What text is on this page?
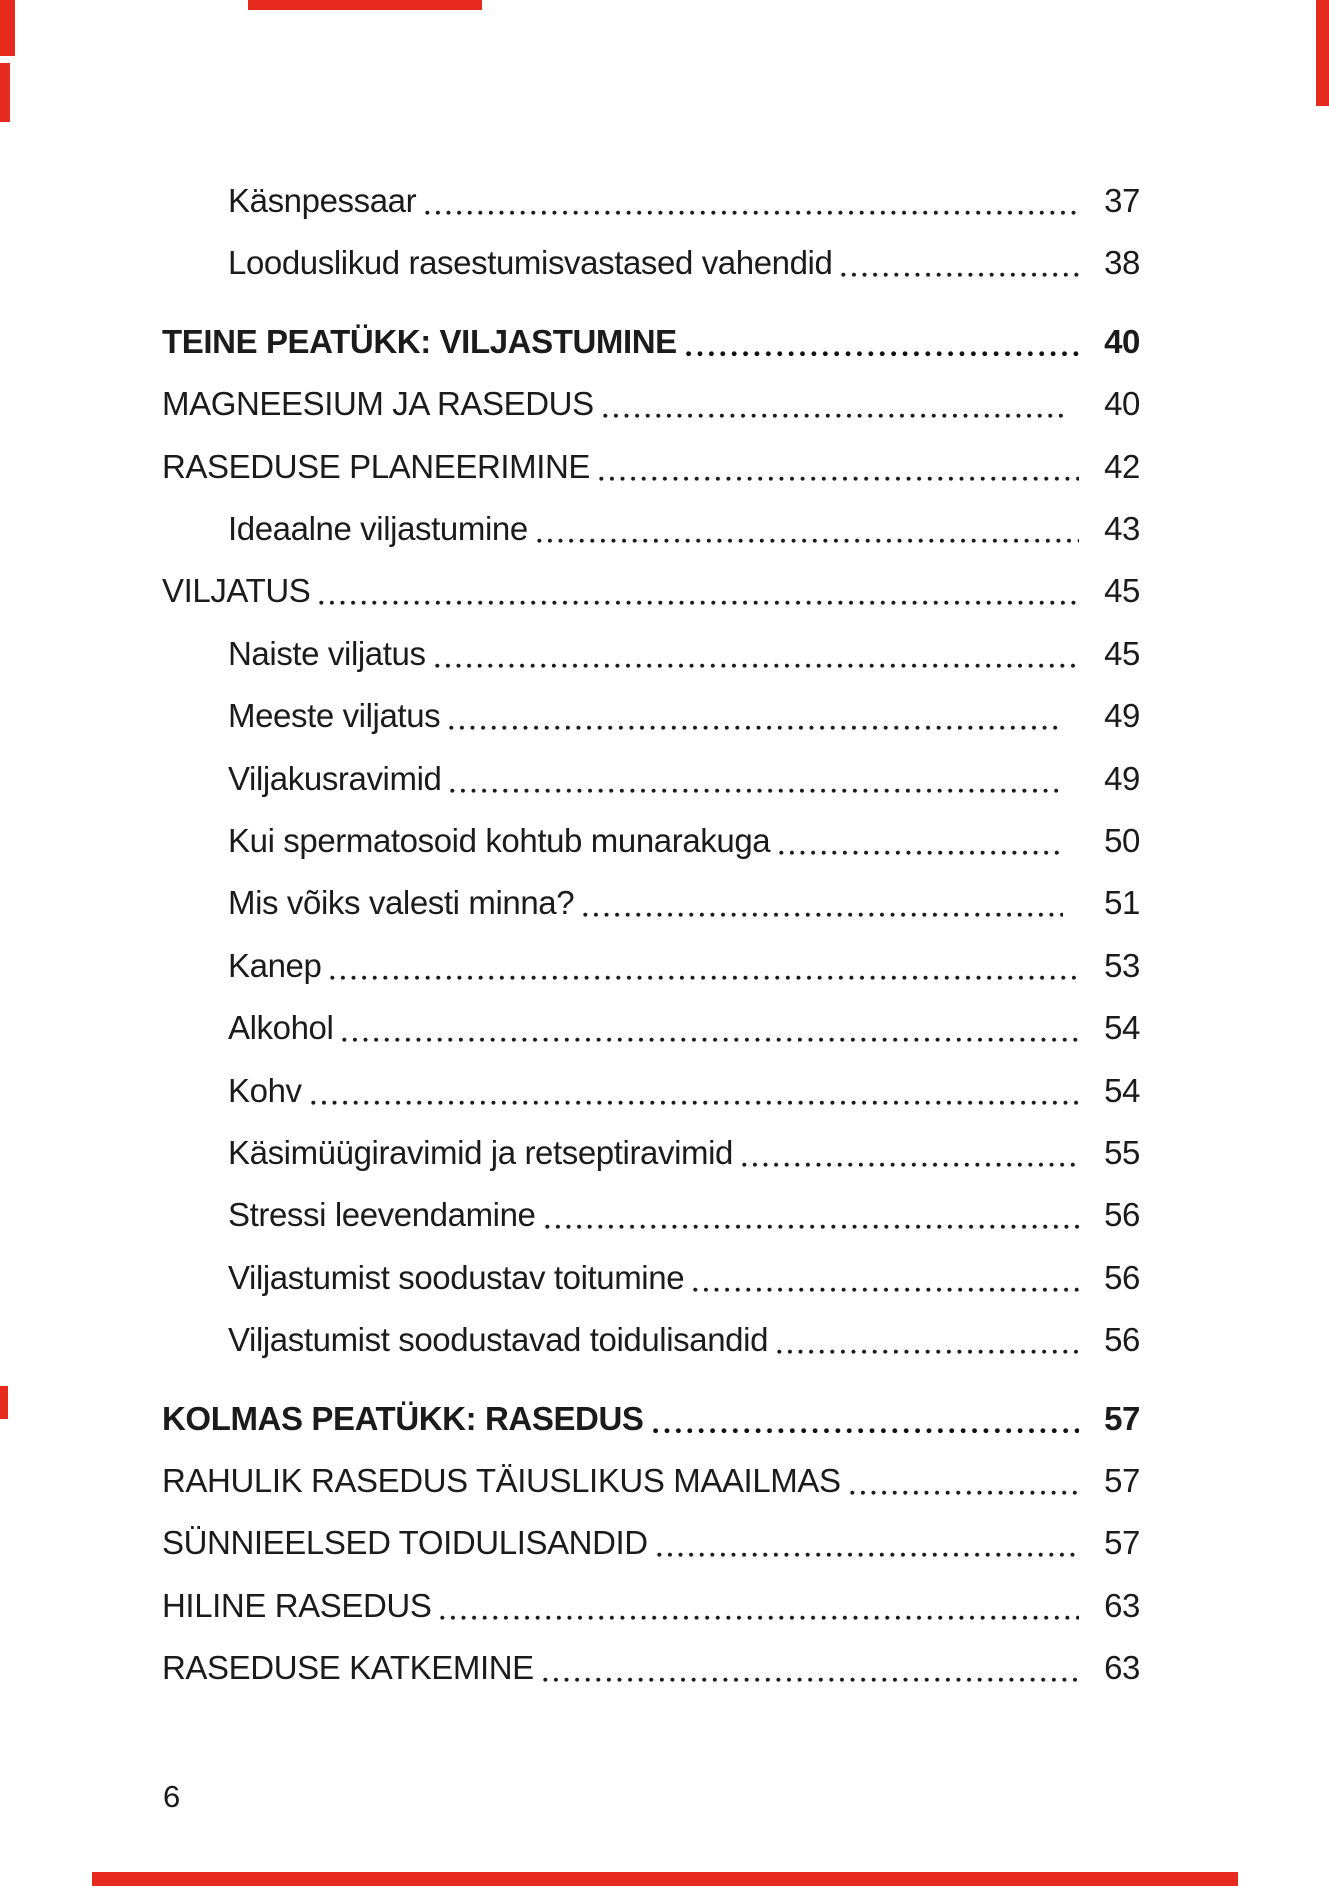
Käsnpessaar	37
Looduslikud rasestumisvastased vahendid	38
TEINE PEATÜKK: VILJASTUMINE	40
MAGNEESIUM JA RASEDUS	40
RASEDUSE PLANEERIMINE	42
Ideaalne viljastumine	43
VILJATUS	45
Naiste viljatus	45
Meeste viljatus	49
Viljakusravimid	49
Kui spermatosoid kohtub munarakuga	50
Mis võiks valesti minna?	51
Kanep	53
Alkohol	54
Kohv	54
Käsimüügiravimid ja retseptiravimid	55
Stressi leevendamine	56
Viljastumist soodustav toitumine	56
Viljastumist soodustavad toidulisandid	56
KOLMAS PEATÜKK: RASEDUS	57
RAHULIK RASEDUS TÄIUSLIKUS MAAILMAS	57
SÜNNIEELSED TOIDULISANDID	57
HILINE RASEDUS	63
RASEDUSE KATKEMINE	63
6
